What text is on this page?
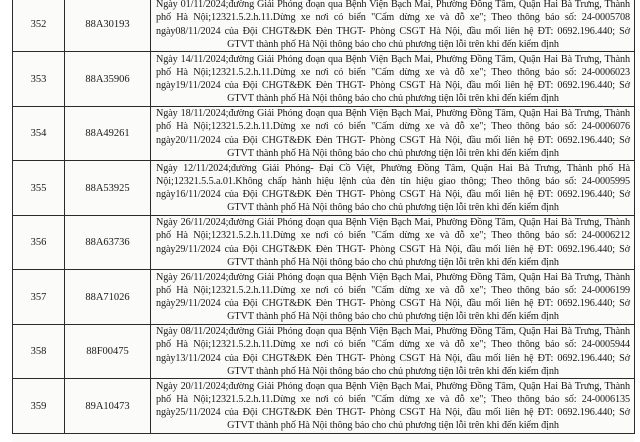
352	88A30193	Ngày 01/11/2024;đường Giải Phóng đoạn qua Bệnh Viện Bạch Mai, Phường Đồng Tâm, Quận Hai Bà Trưng, Thành phố Hà Nội;12321.5.2.h.11.Dừng xe nơi có biển "Cấm dừng xe và đỗ xe"; Theo thông báo số: 24-0005708 ngày08/11/2024 của Đội CHGT&ĐK Đèn THGT- Phòng CSGT Hà Nội, đầu mối liên hệ ĐT: 0692.196.440; Sở GTVT thành phố Hà Nội thông báo cho chủ phương tiện lỗi trên khi đến kiểm định

353	88A35906	Ngày 14/11/2024;đường Giải Phóng đoạn qua Bệnh Viện Bạch Mai, Phường Đồng Tâm, Quận Hai Bà Trưng, Thành phố Hà Nội;12321.5.2.h.11.Dừng xe nơi có biển "Cấm dừng xe và đỗ xe"; Theo thông báo số: 24-0006023 ngày19/11/2024 của Đội CHGT&ĐK Đèn THGT- Phòng CSGT Hà Nội, đầu mối liên hệ ĐT: 0692.196.440; Sở GTVT thành phố Hà Nội thông báo cho chủ phương tiện lỗi trên khi đến kiểm định

354	88A49261	Ngày 18/11/2024;đường Giải Phóng đoạn qua Bệnh Viện Bạch Mai, Phường Đồng Tâm, Quận Hai Bà Trưng, Thành phố Hà Nội;12321.5.2.h.11.Dừng xe nơi có biển "Cấm dừng xe và đỗ xe"; Theo thông báo số: 24-0006076 ngày20/11/2024 của Đội CHGT&ĐK Đèn THGT- Phòng CSGT Hà Nội, đầu mối liên hệ ĐT: 0692.196.440; Sở GTVT thành phố Hà Nội thông báo cho chủ phương tiện lỗi trên khi đến kiểm định

355	88A53925	Ngày 12/11/2024;đường Giải Phóng- Đại Cồ Việt, Phường Đồng Tâm, Quận Hai Bà Trưng, Thành phố Hà Nội;12321.5.5.a.01.Không chấp hành hiệu lệnh của đèn tín hiệu giao thông; Theo thông báo số: 24-0005995 ngày16/11/2024 của Đội CHGT&ĐK Đèn THGT- Phòng CSGT Hà Nội, đầu mối liên hệ ĐT: 0692.196.440; Sở GTVT thành phố Hà Nội thông báo cho chủ phương tiện lỗi trên khi đến kiểm định

356	88A63736	Ngày 26/11/2024;đường Giải Phóng đoạn qua Bệnh Viện Bạch Mai, Phường Đồng Tâm, Quận Hai Bà Trưng, Thành phố Hà Nội;12321.5.2.h.11.Dừng xe nơi có biển "Cấm dừng xe và đỗ xe"; Theo thông báo số: 24-0006212 ngày29/11/2024 của Đội CHGT&ĐK Đèn THGT- Phòng CSGT Hà Nội, đầu mối liên hệ ĐT: 0692.196.440; Sở GTVT thành phố Hà Nội thông báo cho chủ phương tiện lỗi trên khi đến kiểm định

357	88A71026	Ngày 26/11/2024;đường Giải Phóng đoạn qua Bệnh Viện Bạch Mai, Phường Đồng Tâm, Quận Hai Bà Trưng, Thành phố Hà Nội;12321.5.2.h.11.Dừng xe nơi có biển "Cấm dừng xe và đỗ xe"; Theo thông báo số: 24-0006199 ngày29/11/2024 của Đội CHGT&ĐK Đèn THGT- Phòng CSGT Hà Nội, đầu mối liên hệ ĐT: 0692.196.440; Sở GTVT thành phố Hà Nội thông báo cho chủ phương tiện lỗi trên khi đến kiểm định

358	88F00475	Ngày 08/11/2024;đường Giải Phóng đoạn qua Bệnh Viện Bạch Mai, Phường Đồng Tâm, Quận Hai Bà Trưng, Thành phố Hà Nội;12321.5.2.h.11.Dừng xe nơi có biển "Cấm dừng xe và đỗ xe"; Theo thông báo số: 24-0005944 ngày13/11/2024 của Đội CHGT&ĐK Đèn THGT- Phòng CSGT Hà Nội, đầu mối liên hệ ĐT: 0692.196.440; Sở GTVT thành phố Hà Nội thông báo cho chủ phương tiện lỗi trên khi đến kiểm định

359	89A10473	Ngày 20/11/2024;đường Giải Phóng đoạn qua Bệnh Viện Bạch Mai, Phường Đồng Tâm, Quận Hai Bà Trưng, Thành phố Hà Nội;12321.5.2.h.11.Dừng xe nơi có biển "Cấm dừng xe và đỗ xe"; Theo thông báo số: 24-0006135 ngày25/11/2024 của Đội CHGT&ĐK Đèn THGT- Phòng CSGT Hà Nội, đầu mối liên hệ ĐT: 0692.196.440; Sở GTVT thành phố Hà Nội thông báo cho chủ phương tiện lỗi trên khi đến kiểm định
